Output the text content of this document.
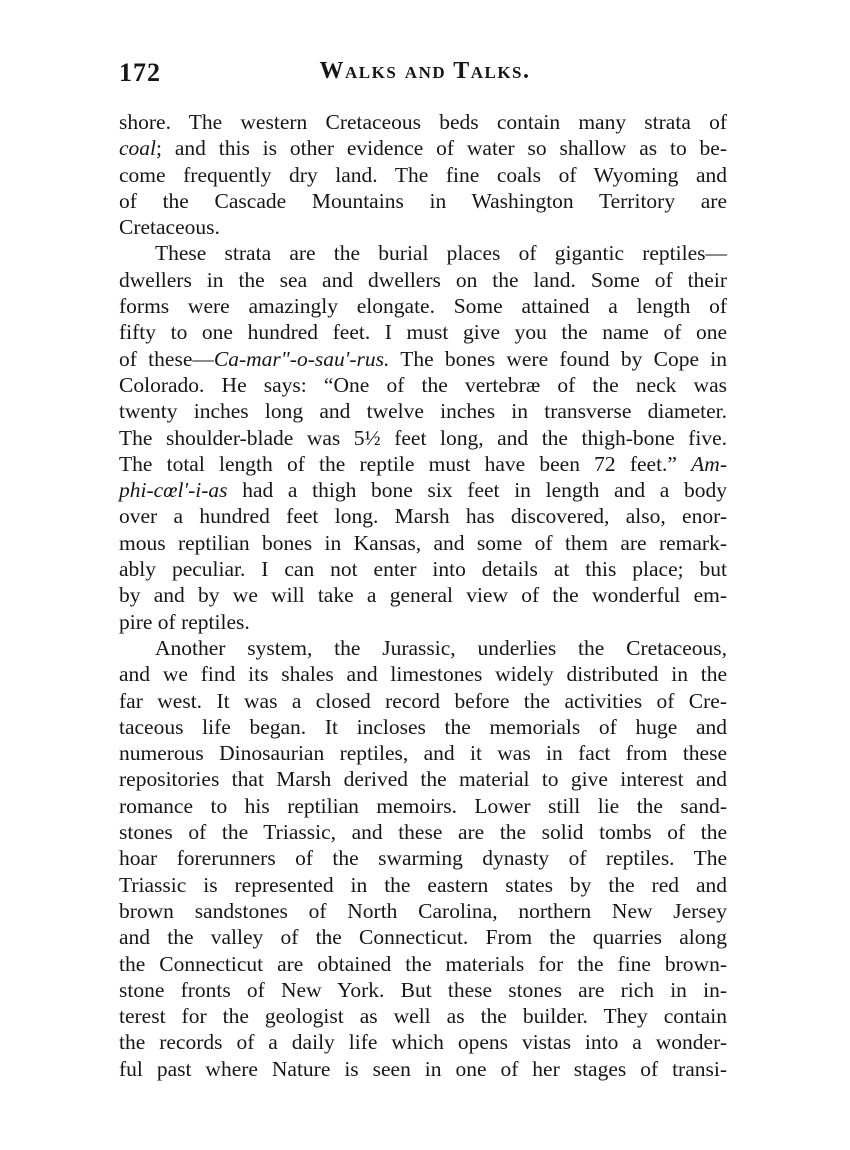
172	Walks and Talks.
shore. The western Cretaceous beds contain many strata of
coal; and this is other evidence of water so shallow as to be-
come frequently dry land. The fine coals of Wyoming and
of the Cascade Mountains in Washington Territory are
Cretaceous.
These strata are the burial places of gigantic reptiles—
dwellers in the sea and dwellers on the land. Some of their
forms were amazingly elongate. Some attained a length of
fifty to one hundred feet. I must give you the name of one
of these—Ca-mar"-o-sau'-rus. The bones were found by Cope in
Colorado. He says: “One of the vertebræ of the neck was
twenty inches long and twelve inches in transverse diameter.
The shoulder-blade was 5½ feet long, and the thigh-bone five.
The total length of the reptile must have been 72 feet.” Am-
phi-cœl'-i-as had a thigh bone six feet in length and a body
over a hundred feet long. Marsh has discovered, also, enor-
mous reptilian bones in Kansas, and some of them are remark-
ably peculiar. I can not enter into details at this place; but
by and by we will take a general view of the wonderful em-
pire of reptiles.
Another system, the Jurassic, underlies the Cretaceous,
and we find its shales and limestones widely distributed in the
far west. It was a closed record before the activities of Cre-
taceous life began. It incloses the memorials of huge and
numerous Dinosaurian reptiles, and it was in fact from these
repositories that Marsh derived the material to give interest and
romance to his reptilian memoirs. Lower still lie the sand-
stones of the Triassic, and these are the solid tombs of the
hoar forerunners of the swarming dynasty of reptiles. The
Triassic is represented in the eastern states by the red and
brown sandstones of North Carolina, northern New Jersey
and the valley of the Connecticut. From the quarries along
the Connecticut are obtained the materials for the fine brown-
stone fronts of New York. But these stones are rich in in-
terest for the geologist as well as the builder. They contain
the records of a daily life which opens vistas into a wonder-
ful past where Nature is seen in one of her stages of transi-
